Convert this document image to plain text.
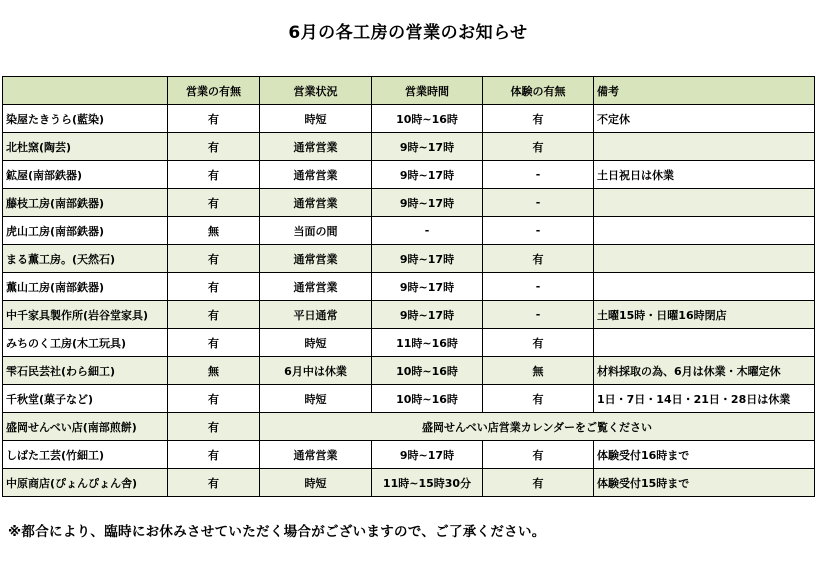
6月の各工房の営業のお知らせ
	営業の有無	営業状況	営業時間	体験の有無	備考
染屋たきうら(藍染)	有	時短	10時~16時	有	不定休
北杜窯(陶芸)	有	通常営業	9時~17時	有	
鉱屋(南部鉄器)	有	通常営業	9時~17時	-	土日祝日は休業
藤枝工房(南部鉄器)	有	通常営業	9時~17時	-	
虎山工房(南部鉄器)	無	当面の間	-	-	
まる薫工房。(天然石)	有	通常営業	9時~17時	有	
薫山工房(南部鉄器)	有	通常営業	9時~17時	-	
中千家具製作所(岩谷堂家具)	有	平日通常	9時~17時	-	土曜15時・日曜16時閉店
みちのく工房(木工玩具)	有	時短	11時~16時	有	
雫石民芸社(わら細工)	無	6月中は休業	10時~16時	無	材料採取の為、6月は休業・木曜定休
千秋堂(菓子など)	有	時短	10時~16時	有	1日・7日・14日・21日・28日は休業
盛岡せんべい店(南部煎餅)	有	盛岡せんべい店営業カレンダーをご覧ください			
しばた工芸(竹細工)	有	通常営業	9時~17時	有	体験受付16時まで
中原商店(ぴょんぴょん舎)	有	時短	11時~15時30分	有	体験受付15時まで
※都合により、臨時にお休みさせていただく場合がございますので、ご了承ください。
